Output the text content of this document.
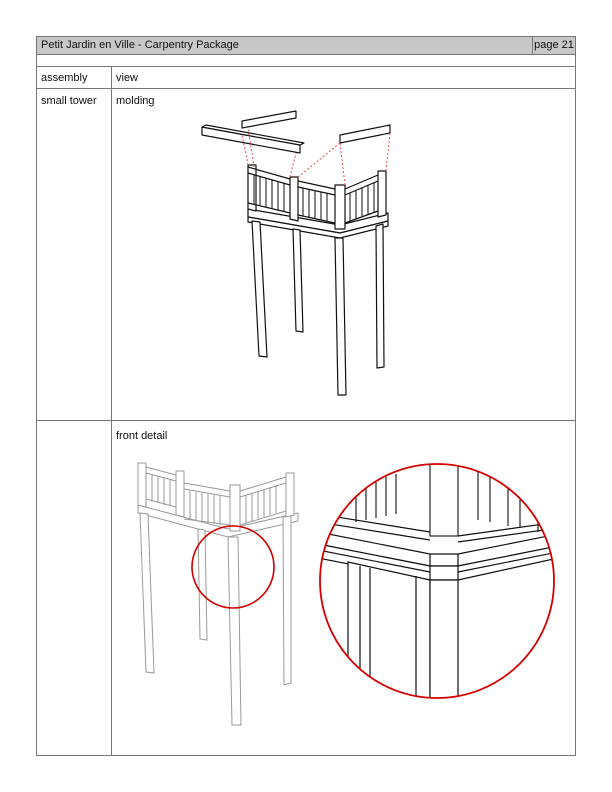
Petit Jardin en Ville - Carpentry Package	page 21
assembly	view
small tower molding
front detail
